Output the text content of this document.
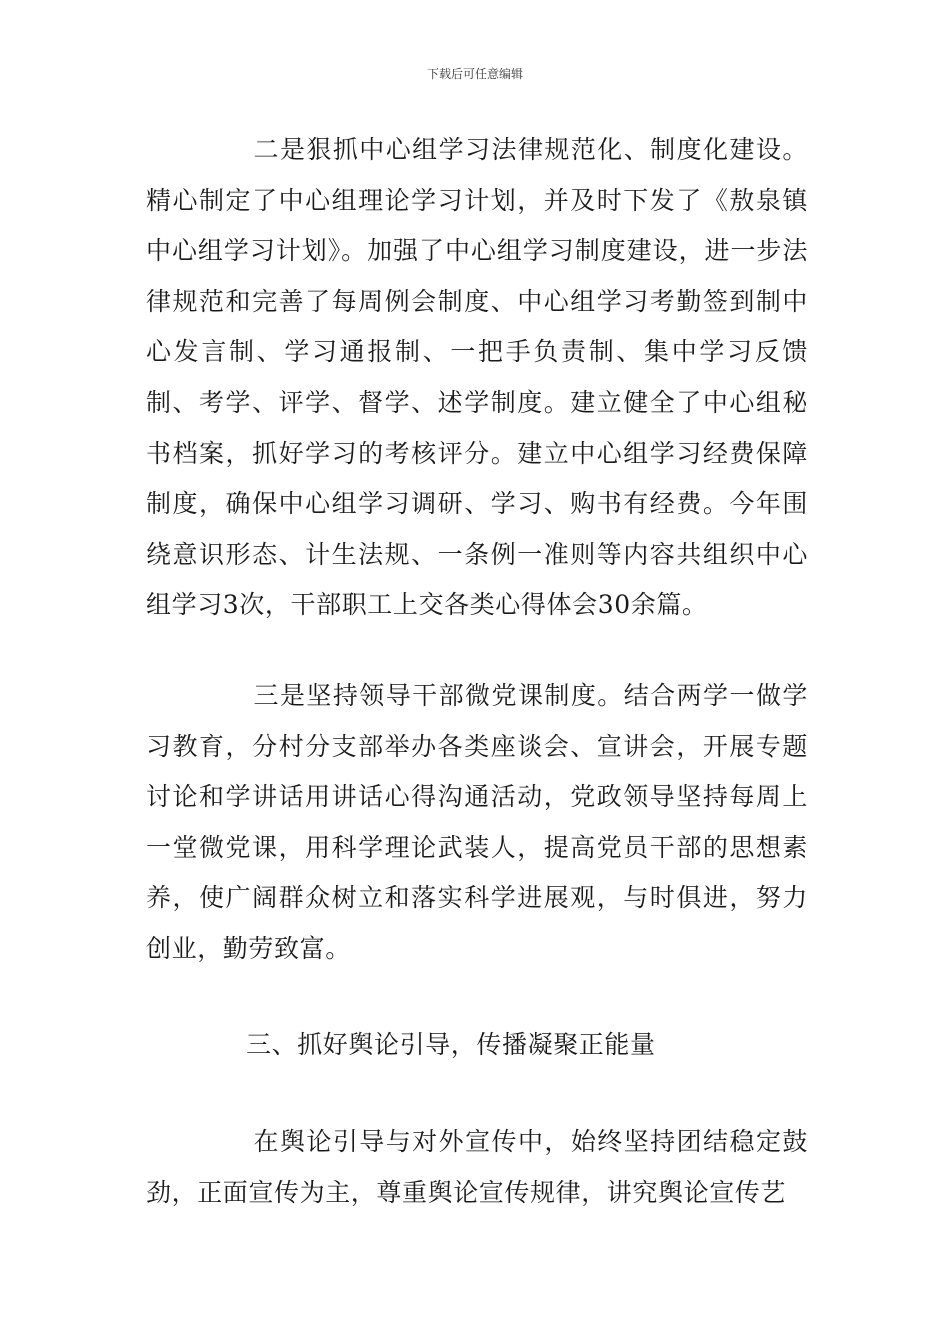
下载后可任意编辑

二是狠抓中心组学习法律规范化、制度化建设。精心制定了中心组理论学习计划，并及时下发了《敖泉镇中心组学习计划》。加强了中心组学习制度建设，进一步法律规范和完善了每周例会制度、中心组学习考勤签到制中心发言制、学习通报制、一把手负责制、集中学习反馈制、考学、评学、督学、述学制度。建立健全了中心组秘书档案，抓好学习的考核评分。建立中心组学习经费保障制度，确保中心组学习调研、学习、购书有经费。今年围绕意识形态、计生法规、一条例一准则等内容共组织中心组学习3次，干部职工上交各类心得体会30余篇。

三是坚持领导干部微党课制度。结合两学一做学习教育，分村分支部举办各类座谈会、宣讲会，开展专题讨论和学讲话用讲话心得沟通活动，党政领导坚持每周上一堂微党课，用科学理论武装人，提高党员干部的思想素养，使广阔群众树立和落实科学进展观，与时俱进，努力创业，勤劳致富。

三、抓好舆论引导，传播凝聚正能量

在舆论引导与对外宣传中，始终坚持团结稳定鼓劲，正面宣传为主，尊重舆论宣传规律，讲究舆论宣传艺
